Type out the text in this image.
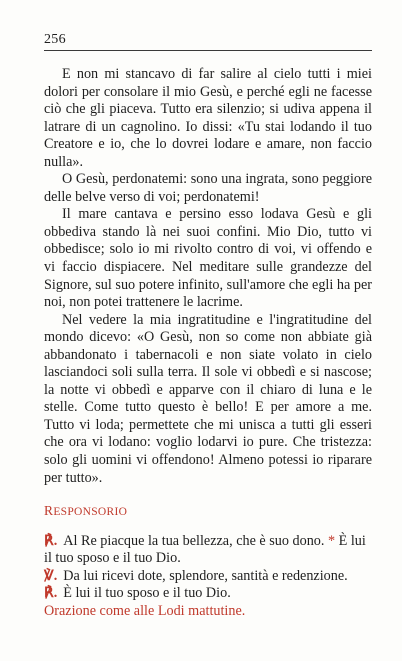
256

E non mi stancavo di far salire al cielo tutti i miei dolori per consolare il mio Gesù, e perché egli ne facesse ciò che gli piaceva. Tutto era silenzio; si udiva appena il latrare di un cagnolino. Io dissi: «Tu stai lodando il tuo Creatore e io, che lo dovrei lodare e amare, non faccio nulla».

O Gesù, perdonatemi: sono una ingrata, sono peggiore delle belve verso di voi; perdonatemi!

Il mare cantava e persino esso lodava Gesù e gli obbediva stando là nei suoi confini. Mio Dio, tutto vi obbedisce; solo io mi rivolto contro di voi, vi offendo e vi faccio dispiacere. Nel meditare sulle grandezze del Signore, sul suo potere infinito, sull'amore che egli ha per noi, non potei trattenere le lacrime.

Nel vedere la mia ingratitudine e l'ingratitudine del mondo dicevo: «O Gesù, non so come non abbiate già abbandonato i tabernacoli e non siate volato in cielo lasciandoci soli sulla terra. Il sole vi obbedì e si nascose; la notte vi obbedì e apparve con il chiaro di luna e le stelle. Come tutto questo è bello! E per amore a me. Tutto vi loda; permettete che mi unisca a tutti gli esseri che ora vi lodano: voglio lodarvi io pure. Che tristezza: solo gli uomini vi offendono! Almeno potessi io riparare per tutto».

RESPONSORIO

℟. Al Re piacque la tua bellezza, che è suo dono. * È lui il tuo sposo e il tuo Dio.

℣. Da lui ricevi dote, splendore, santità e redenzione.

℟. È lui il tuo sposo e il tuo Dio.

Orazione come alle Lodi mattutine.
